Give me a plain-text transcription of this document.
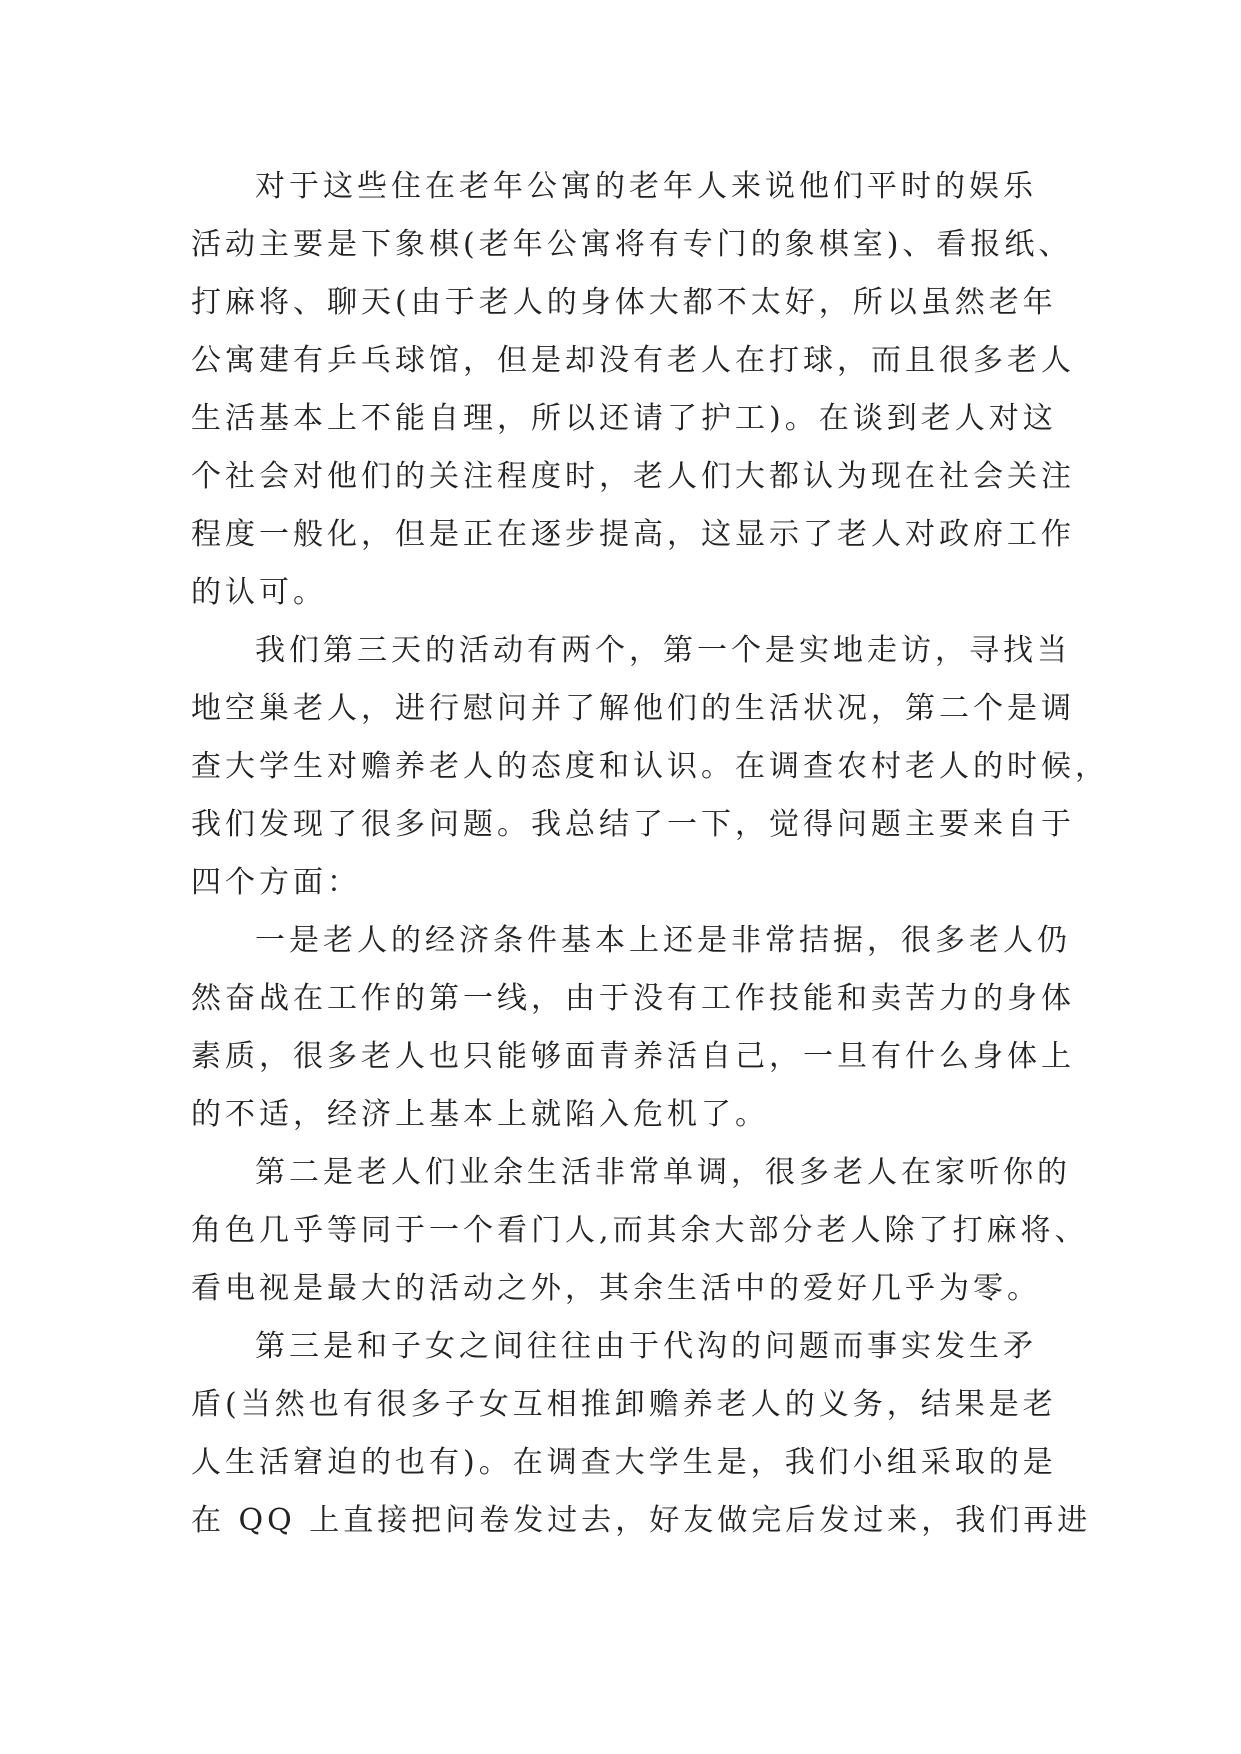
对于这些住在老年公寓的老年人来说他们平时的娱乐
活动主要是下象棋(老年公寓将有专门的象棋室)、看报纸、
打麻将、聊天(由于老人的身体大都不太好，所以虽然老年
公寓建有乒乓球馆，但是却没有老人在打球，而且很多老人
生活基本上不能自理，所以还请了护工)。在谈到老人对这
个社会对他们的关注程度时，老人们大都认为现在社会关注
程度一般化，但是正在逐步提高，这显示了老人对政府工作
的认可。
我们第三天的活动有两个，第一个是实地走访，寻找当
地空巢老人，进行慰问并了解他们的生活状况，第二个是调
查大学生对赡养老人的态度和认识。在调查农村老人的时候，
我们发现了很多问题。我总结了一下，觉得问题主要来自于
四个方面：
一是老人的经济条件基本上还是非常拮据，很多老人仍
然奋战在工作的第一线，由于没有工作技能和卖苦力的身体
素质，很多老人也只能够面青养活自己，一旦有什么身体上
的不适，经济上基本上就陷入危机了。
第二是老人们业余生活非常单调，很多老人在家听你的
角色几乎等同于一个看门人,而其余大部分老人除了打麻将、
看电视是最大的活动之外，其余生活中的爱好几乎为零。
第三是和子女之间往往由于代沟的问题而事实发生矛
盾(当然也有很多子女互相推卸赡养老人的义务，结果是老
人生活窘迫的也有)。在调查大学生是，我们小组采取的是
在 QQ 上直接把问卷发过去，好友做完后发过来，我们再进
